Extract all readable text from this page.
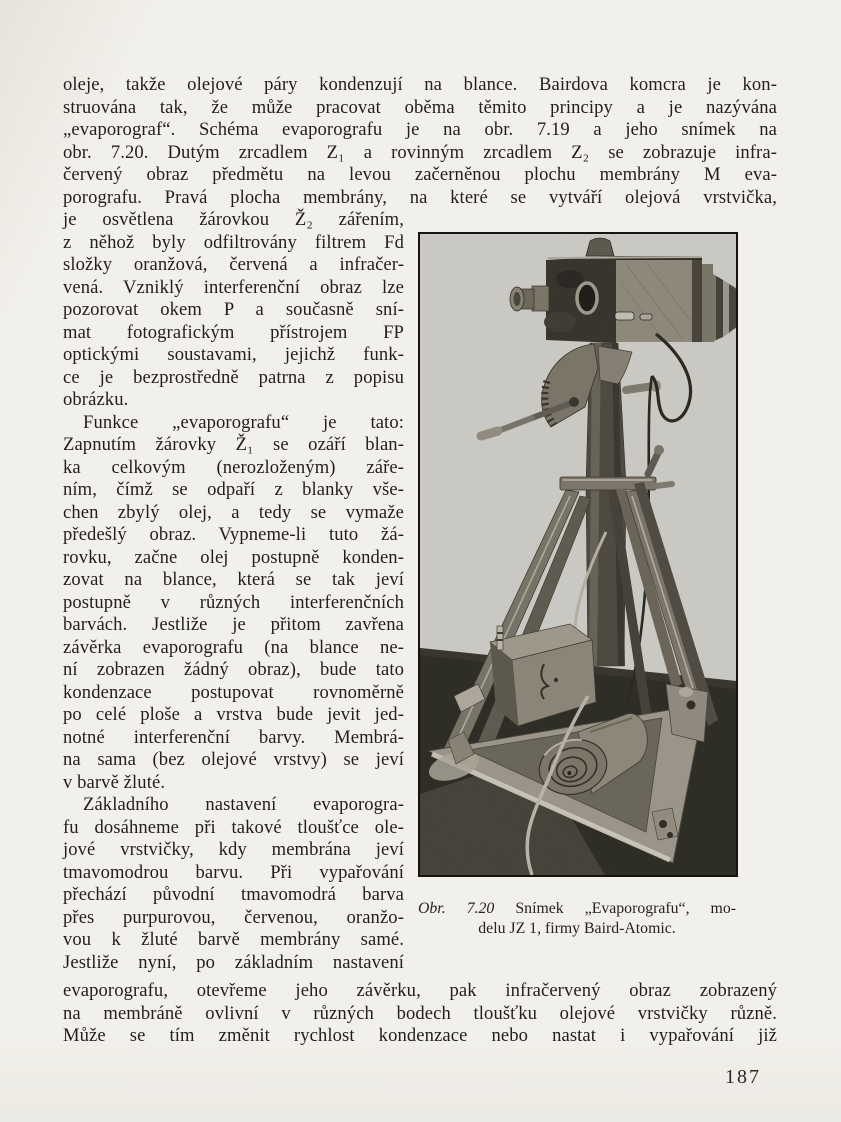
oleje, takže olejové páry kondenzují na blance. Bairdova komcra je kon-
struována tak, že může pracovat oběma těmito principy a je nazývána
„evaporograf“. Schéma evaporografu je na obr. 7.19 a jeho snímek na
obr. 7.20. Dutým zrcadlem Z₁ a rovinným zrcadlem Z₂ se zobrazuje infra-
červený obraz předmětu na levou začerněnou plochu membrány M eva-
porografu. Pravá plocha membrány, na které se vytváří olejová vrstvička,
je osvětlena žárovkou Ž₂ zářením,
z něhož byly odfiltrovány filtrem Fd
složky oranžová, červená a infračer-
vená. Vzniklý interferenční obraz lze
pozorovat okem P a současně sní-
mat fotografickým přístrojem FP
optickými soustavami, jejichž funk-
ce je bezprostředně patrna z popisu
obrázku.
Funkce „evaporografu“ je tato:
Zapnutím žárovky Ž₁ se ozáří blan-
ka celkovým (nerozloženým) záře-
ním, čímž se odpaří z blanky vše-
chen zbylý olej, a tedy se vymaže
předešlý obraz. Vypneme-li tuto žá-
rovku, začne olej postupně konden-
zovat na blance, která se tak jeví
postupně v různých interferenčních
barvách. Jestliže je přitom zavřena
závěrka evaporografu (na blance ne-
ní zobrazen žádný obraz), bude tato
kondenzace postupovat rovnoměrně
po celé ploše a vrstva bude jevit jed-
notné interferenční barvy. Membrá-
na sama (bez olejové vrstvy) se jeví
v barvě žluté.
Základního nastavení evaporogra-
fu dosáhneme při takové tloušťce ole-
jové vrstvičky, kdy membrána jeví
tmavomodrou barvu. Při vypařování
přechází původní tmavomodrá barva
přes purpurovou, červenou, oranžo-
vou k žluté barvě membrány samé.
Jestliže nyní, po základním nastavení
Obr. 7.20 Snímek „Evaporografu“, mo-
delu JZ 1, firmy Baird-Atomic.
evaporografu, otevřeme jeho závěrku, pak infračervený obraz zobrazený
na membráně ovlivní v různých bodech tloušťku olejové vrstvičky různě.
Může se tím změnit rychlost kondenzace nebo nastat i vypařování již
187
